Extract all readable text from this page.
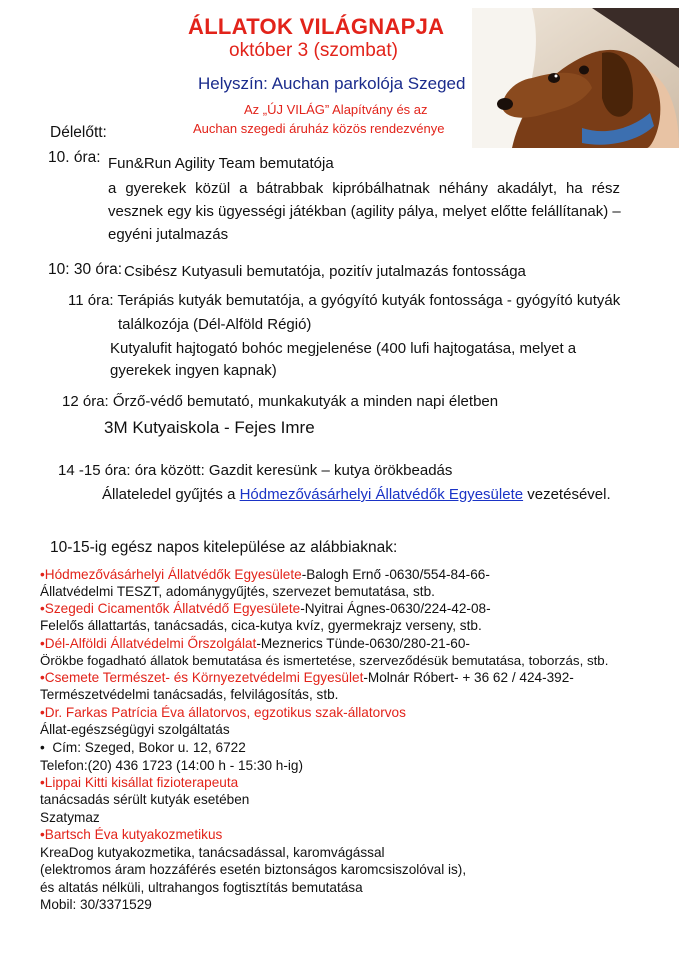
ÁLLATOK VILÁGNAPJA
október 3 (szombat)
Helyszín: Auchan parkolója Szeged
Az „ÚJ VILÁG” Alapítvány és az
Auchan szegedi áruház közös rendezvénye
Délelőtt:
10. óra: Fun&Run Agility Team bemutatója
a gyerekek közül a bátrabbak kipróbálhatnak néhány akadályt, ha rész
vesznek egy kis ügyességi játékban (agility pálya, melyet előtte felállítanak) –
egyéni jutalmazás
10: 30 óra: Csibész Kutyasuli bemutatója, pozitív jutalmazás fontossága
11 óra: Terápiás kutyák bemutatója, a gyógyító kutyák fontossága - gyógyító kutyák
találkozója (Dél-Alföld Régió)
Kutyalufit hajtogató bohóc megjelenése (400 lufi hajtogatása, melyet a
gyerekek ingyen kapnak)
12 óra: Őrző-védő bemutató, munkakutyák a minden napi életben
3M Kutyaiskola - Fejes Imre
14 -15 óra: óra között: Gazdit keresünk – kutya örökbeadás
Állateledel gyűjtés a Hódmezővásárhelyi Állatvédők Egyesülete vezetésével.
10-15-ig egész napos kitelepülése az alábbiaknak:
•Hódmezővásárhelyi Állatvédők Egyesülete-Balogh Ernő -0630/554-84-66-
Állatvédelmi TESZT, adománygyűjtés, szervezet bemutatása, stb.
•Szegedi Cicamentők Állatvédő Egyesülete-Nyitrai Ágnes-0630/224-42-08-
Felelős állattartás, tanácsadás, cica-kutya kvíz, gyermekrajz verseny, stb.
•Dél-Alföldi Állatvédelmi Őrszolgálat-Meznerics Tünde-0630/280-21-60-
Örökbe fogadható állatok bemutatása és ismertetése, szerveződésük bemutatása, toborzás, stb.
•Csemete Természet- és Környezetvédelmi Egyesület-Molnár Róbert- + 36 62 / 424-392-
Természetvédelmi tanácsadás, felvilágosítás, stb.
•Dr. Farkas Patrícia Éva állatorvos, egzotikus szak-állatorvos
Állat-egészségügyi szolgáltatás
• Cím: Szeged, Bokor u. 12, 6722
Telefon:(20) 436 1723 (14:00 h - 15:30 h-ig)
•Lippai Kitti kisállat fizioterapeuta
tanácsadás sérült kutyák esetében
Szatymaz
•Bartsch Éva kutyakozmetikus
KreaDog kutyakozmetika, tanácsadással, karomvágással
(elektromos áram hozzáférés esetén biztonságos karomcsiszolóval is),
és altatás nélküli, ultrahangos fogtisztítás bemutatása
Mobil: 30/3371529
